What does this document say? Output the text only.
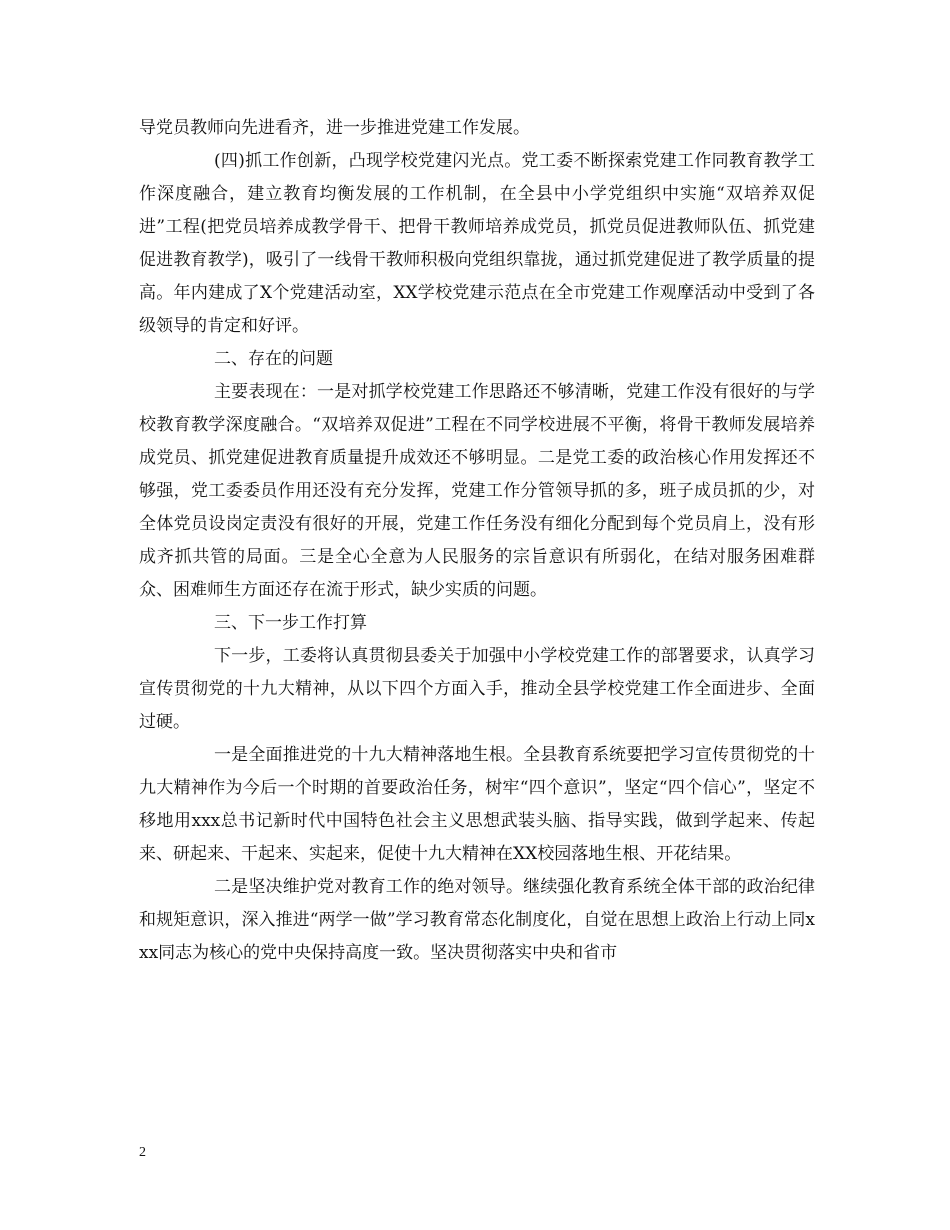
导党员教师向先进看齐，进一步推进党建工作发展。

(四)抓工作创新，凸现学校党建闪光点。党工委不断探索党建工作同教育教学工作深度融合，建立教育均衡发展的工作机制，在全县中小学党组织中实施“双培养双促进”工程(把党员培养成教学骨干、把骨干教师培养成党员，抓党员促进教师队伍、抓党建促进教育教学)，吸引了一线骨干教师积极向党组织靠拢，通过抓党建促进了教学质量的提高。年内建成了X个党建活动室，XX学校党建示范点在全市党建工作观摩活动中受到了各级领导的肯定和好评。

二、存在的问题

主要表现在：一是对抓学校党建工作思路还不够清晰，党建工作没有很好的与学校教育教学深度融合。“双培养双促进”工程在不同学校进展不平衡，将骨干教师发展培养成党员、抓党建促进教育质量提升成效还不够明显。二是党工委的政治核心作用发挥还不够强，党工委委员作用还没有充分发挥，党建工作分管领导抓的多，班子成员抓的少，对全体党员设岗定责没有很好的开展，党建工作任务没有细化分配到每个党员肩上，没有形成齐抓共管的局面。三是全心全意为人民服务的宗旨意识有所弱化，在结对服务困难群众、困难师生方面还存在流于形式，缺少实质的问题。

三、下一步工作打算

下一步，工委将认真贯彻县委关于加强中小学校党建工作的部署要求，认真学习宣传贯彻党的十九大精神，从以下四个方面入手，推动全县学校党建工作全面进步、全面过硬。

一是全面推进党的十九大精神落地生根。全县教育系统要把学习宣传贯彻党的十九大精神作为今后一个时期的首要政治任务，树牢“四个意识”，坚定“四个信心”，坚定不移地用xxx总书记新时代中国特色社会主义思想武装头脑、指导实践，做到学起来、传起来、研起来、干起来、实起来，促使十九大精神在XX校园落地生根、开花结果。

二是坚决维护党对教育工作的绝对领导。继续强化教育系统全体干部的政治纪律和规矩意识，深入推进“两学一做”学习教育常态化制度化，自觉在思想上政治上行动上同xxx同志为核心的党中央保持高度一致。坚决贯彻落实中央和省市

2
